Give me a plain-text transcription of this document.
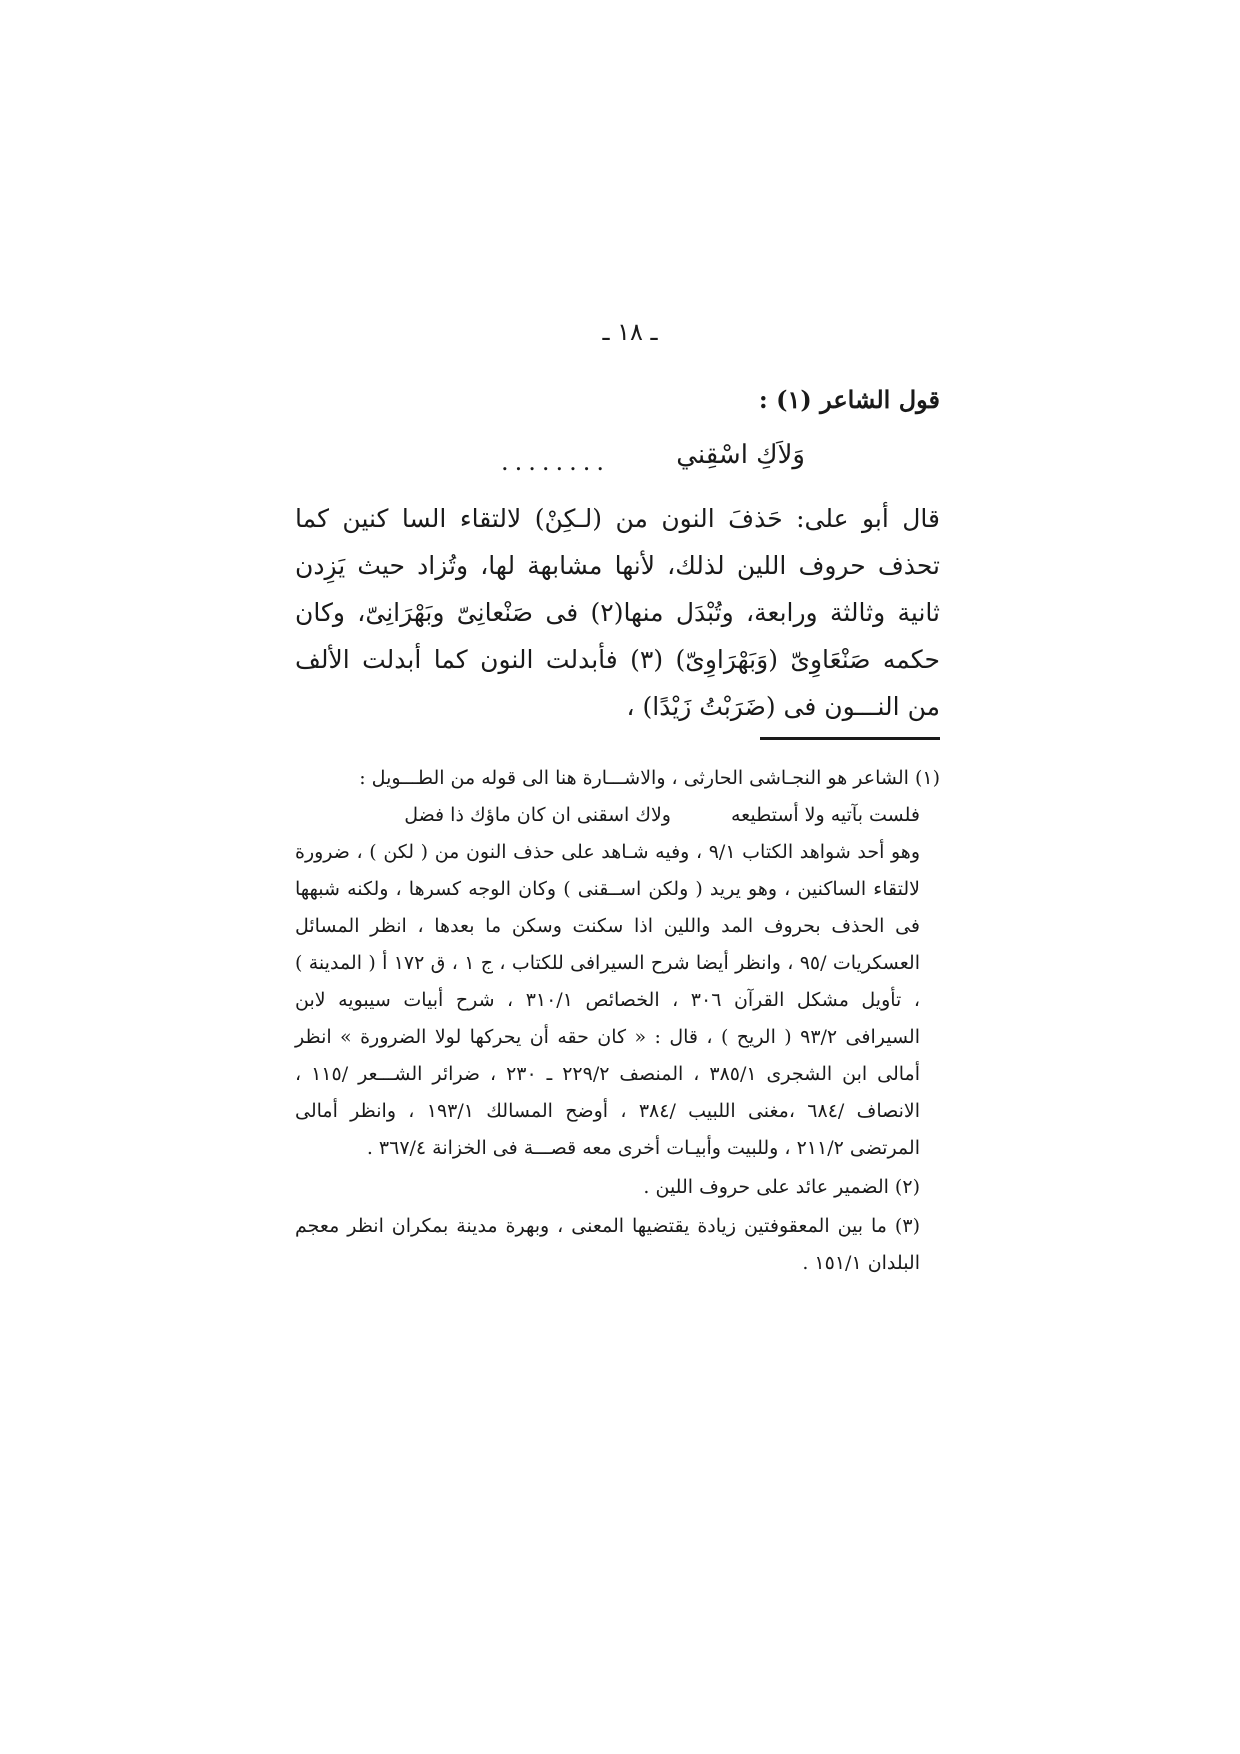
ـ ١٨ ـ
قول الشاعر (١) :
وَلاَكِ اسْقِني
........
قال أبو على: حَذفَ النون من (لـكِنْ) لالتقاء السا كنين كما تحذف حروف اللين لذلك، لأنها مشابهة لها، وتُزاد حيث يَزِدن ثانية وثالثة ورابعة، وتُبْدَل منها(٢) فى صَنْعانِىّ وبَهْرَانِىّ، وكان حكمه صَنْعَاوِىّ (وَبَهْرَاوِىّ) (٣) فأبدلت النون كما أبدلت الألف من النـــون فى (ضَرَبْتُ زَيْدًا) ،

(١) الشاعر هو النجـاشى الحارثى ، والاشـــارة هنا الى قوله من الطـــويل :

فلست بآتيه ولا أستطيعهولاك اسقنى ان كان ماؤك ذا فضل

وهو أحد شواهد الكتاب ٩/١ ، وفيه شـاهد على حذف النون من ( لكن ) ، ضرورة لالتقاء الساكنين ، وهو يريد ( ولكن اســقنى ) وكان الوجه كسرها ، ولكنه شبهها فى الحذف بحروف المد واللين اذا سكنت وسكن ما بعدها ، انظر المسائل العسكريات /٩٥ ، وانظر أيضا شرح السيرافى للكتاب ، ج ١ ، ق ١٧٢ أ ( المدينة ) ، تأويل مشكل القرآن ٣٠٦ ، الخصائص ٣١٠/١ ، شرح أبيات سيبويه لابن السيرافى ٩٣/٢ ( الريح ) ، قال : « كان حقه أن يحركها لولا الضرورة » انظر أمالى ابن الشجرى ٣٨٥/١ ، المنصف ٢٢٩/٢ ـ ٢٣٠ ، ضرائر الشـــعر /١١٥ ، الانصاف /٦٨٤ ،مغنى اللبيب /٣٨٤ ، أوضح المسالك ١٩٣/١ ، وانظر أمالى المرتضى ٢١١/٢ ، وللبيت وأبيـات أخرى معه قصـــة فى الخزانة ٣٦٧/٤ .

(٢) الضمير عائد على حروف اللين .

(٣) ما بين المعقوفتين زيادة يقتضيها المعنى ، وبهرة مدينة بمكران انظر معجم البلدان ١٥١/١ .
